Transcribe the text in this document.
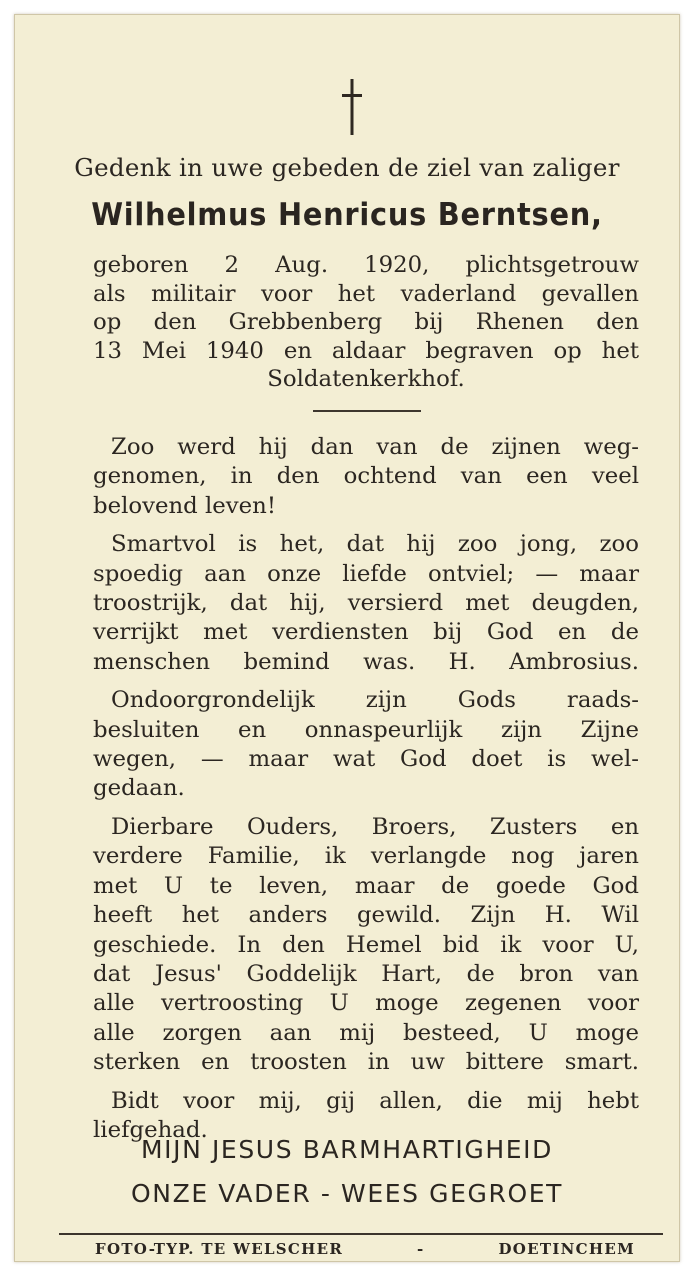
Gedenk in uwe gebeden de ziel van zaliger
Wilhelmus Henricus Berntsen,
geboren 2 Aug. 1920, plichtsgetrouw
als militair voor het vaderland gevallen
op den Grebbenberg bij Rhenen den
13 Mei 1940 en aldaar begraven op het
Soldatenkerkhof.
Zoo werd hij dan van de zijnen weg-
genomen, in den ochtend van een veel
belovend leven!
Smartvol is het, dat hij zoo jong, zoo
spoedig aan onze liefde ontviel; — maar
troostrijk, dat hij, versierd met deugden,
verrijkt met verdiensten bij God en de
menschen bemind was. H. Ambrosius.
Ondoorgrondelijk zijn Gods raads-
besluiten en onnaspeurlijk zijn Zijne
wegen, — maar wat God doet is wel-
gedaan.
Dierbare Ouders, Broers, Zusters en
verdere Familie, ik verlangde nog jaren
met U te leven, maar de goede God
heeft het anders gewild. Zijn H. Wil
geschiede. In den Hemel bid ik voor U,
dat Jesus' Goddelijk Hart, de bron van
alle vertroosting U moge zegenen voor
alle zorgen aan mij besteed, U moge
sterken en troosten in uw bittere smart.
Bidt voor mij, gij allen, die mij hebt
liefgehad.
MIJN JESUS BARMHARTIGHEID
ONZE VADER - WEES GEGROET
FOTO-TYP. TE WELSCHER	-	DOETINCHEM
